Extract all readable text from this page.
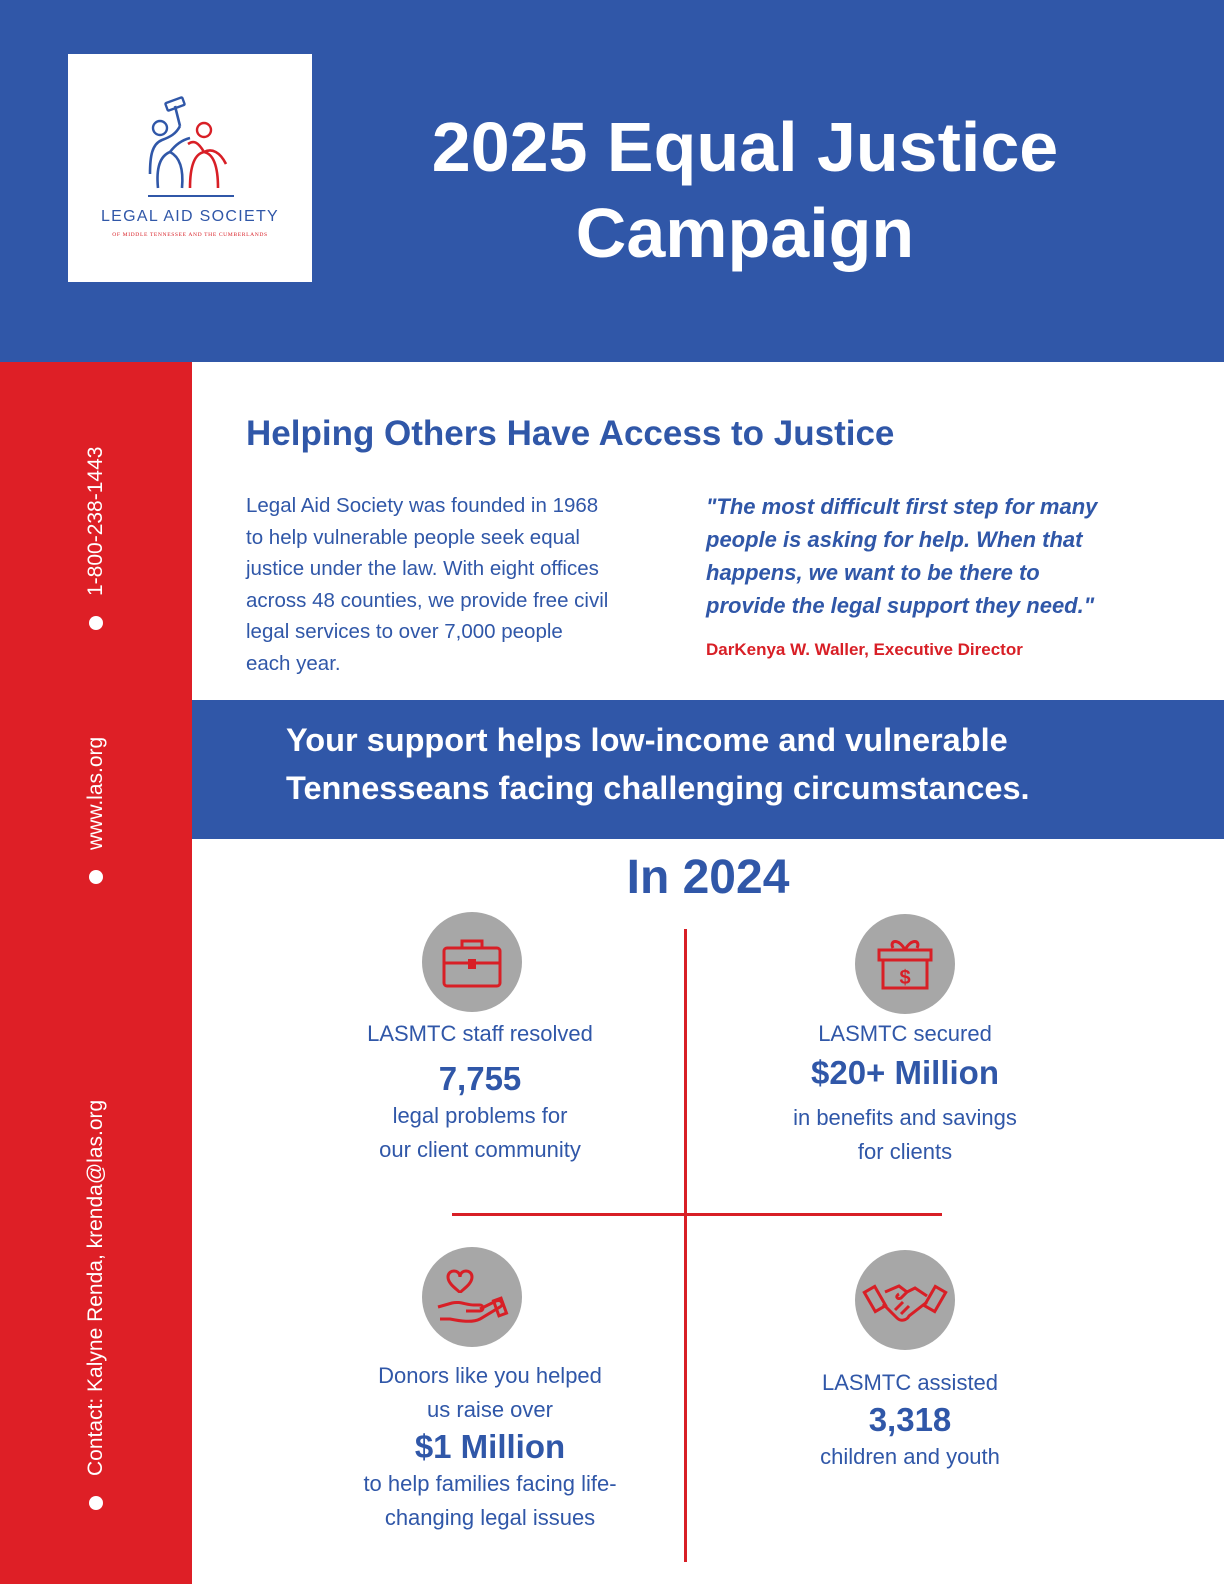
LEGAL AID SOCIETY
OF MIDDLE TENNESSEE AND THE CUMBERLANDS
2025 Equal Justice
Campaign
1-800-238-1443
www.las.org
Contact: Kalyne Renda, krenda@las.org
Helping Others Have Access to Justice
Legal Aid Society was founded in 1968
to help vulnerable people seek equal
justice under the law. With eight offices
across 48 counties, we provide free civil
legal services to over 7,000 people
each year.
"The most difficult first step for many
people is asking for help. When that
happens, we want to be there to
provide the legal support they need."
DarKenya W. Waller, Executive Director
Your support helps low-income and vulnerable
Tennesseans facing challenging circumstances.
In 2024
$
LASMTC staff resolved
7,755
legal problems for
our client community
LASMTC secured
$20+ Million
in benefits and savings
for clients
Donors like you helped
us raise over
$1 Million
to help families facing life-
changing legal issues
LASMTC assisted
3,318
children and youth
